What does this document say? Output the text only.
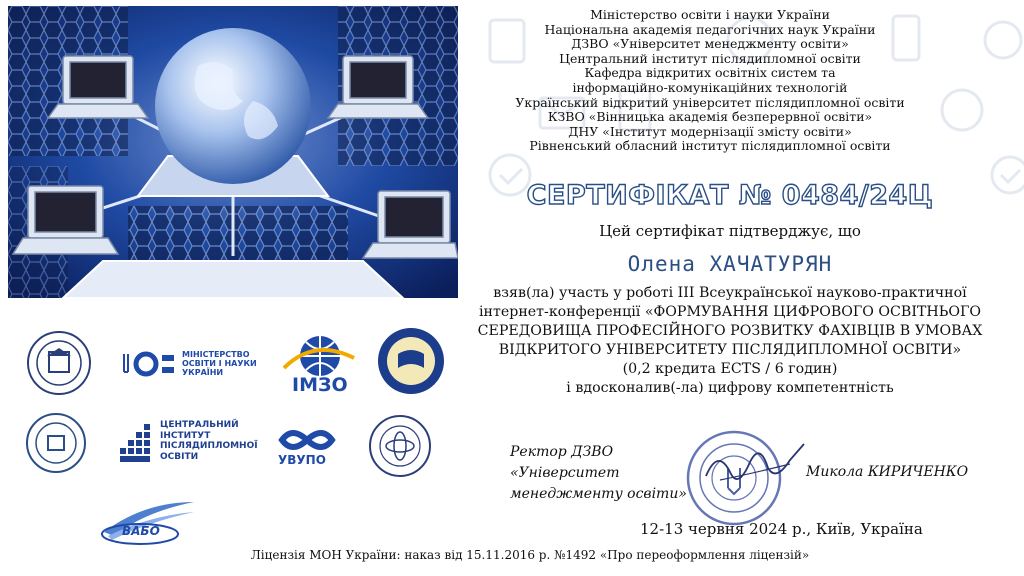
Міністерство освіти і науки України
Національна академія педагогічних наук України
ДЗВО «Університет менеджменту освіти»
Центральний інститут післядипломної освіти
Кафедра відкритих освітніх систем та
інформаційно-комунікаційних технологій
Український відкритий університет післядипломної освіти
КЗВО «Вінницька академія безперервної освіти»
ДНУ «Інститут модернізації змісту освіти»
Рівненський обласний інститут післядипломної освіти
СЕРТИФІКАТ № 0484/24Ц
Цей сертифікат підтверджує, що
Олена ХАЧАТУРЯН
взяв(ла) участь у роботі ІІІ Всеукраїнської науково-практичної
інтернет-конференції «ФОРМУВАННЯ ЦИФРОВОГО ОСВІТНЬОГО
СЕРЕДОВИЩА ПРОФЕСІЙНОГО РОЗВИТКУ ФАХІВЦІВ В УМОВАХ
ВІДКРИТОГО УНІВЕРСИТЕТУ ПІСЛЯДИПЛОМНОЇ ОСВІТИ»
(0,2 кредита ECTS / 6 годин)
і вдосконалив(-ла) цифрову компетентність
МІНІСТЕРСТВО
ОСВІТИ І НАУКИ
УКРАЇНИ
ІМЗО
ЦЕНТРАЛЬНИЙ
ІНСТИТУТ
ПІСЛЯДИПЛОМНОЇ
ОСВІТИ	УВУПО
ВАБО
Ректор ДЗВО
«Університет
менеджменту освіти»
Микола КИРИЧЕНКО
12-13 червня 2024 р., Київ, Україна
Ліцензія МОН України: наказ від 15.11.2016 р. №1492 «Про переоформлення ліцензій»
